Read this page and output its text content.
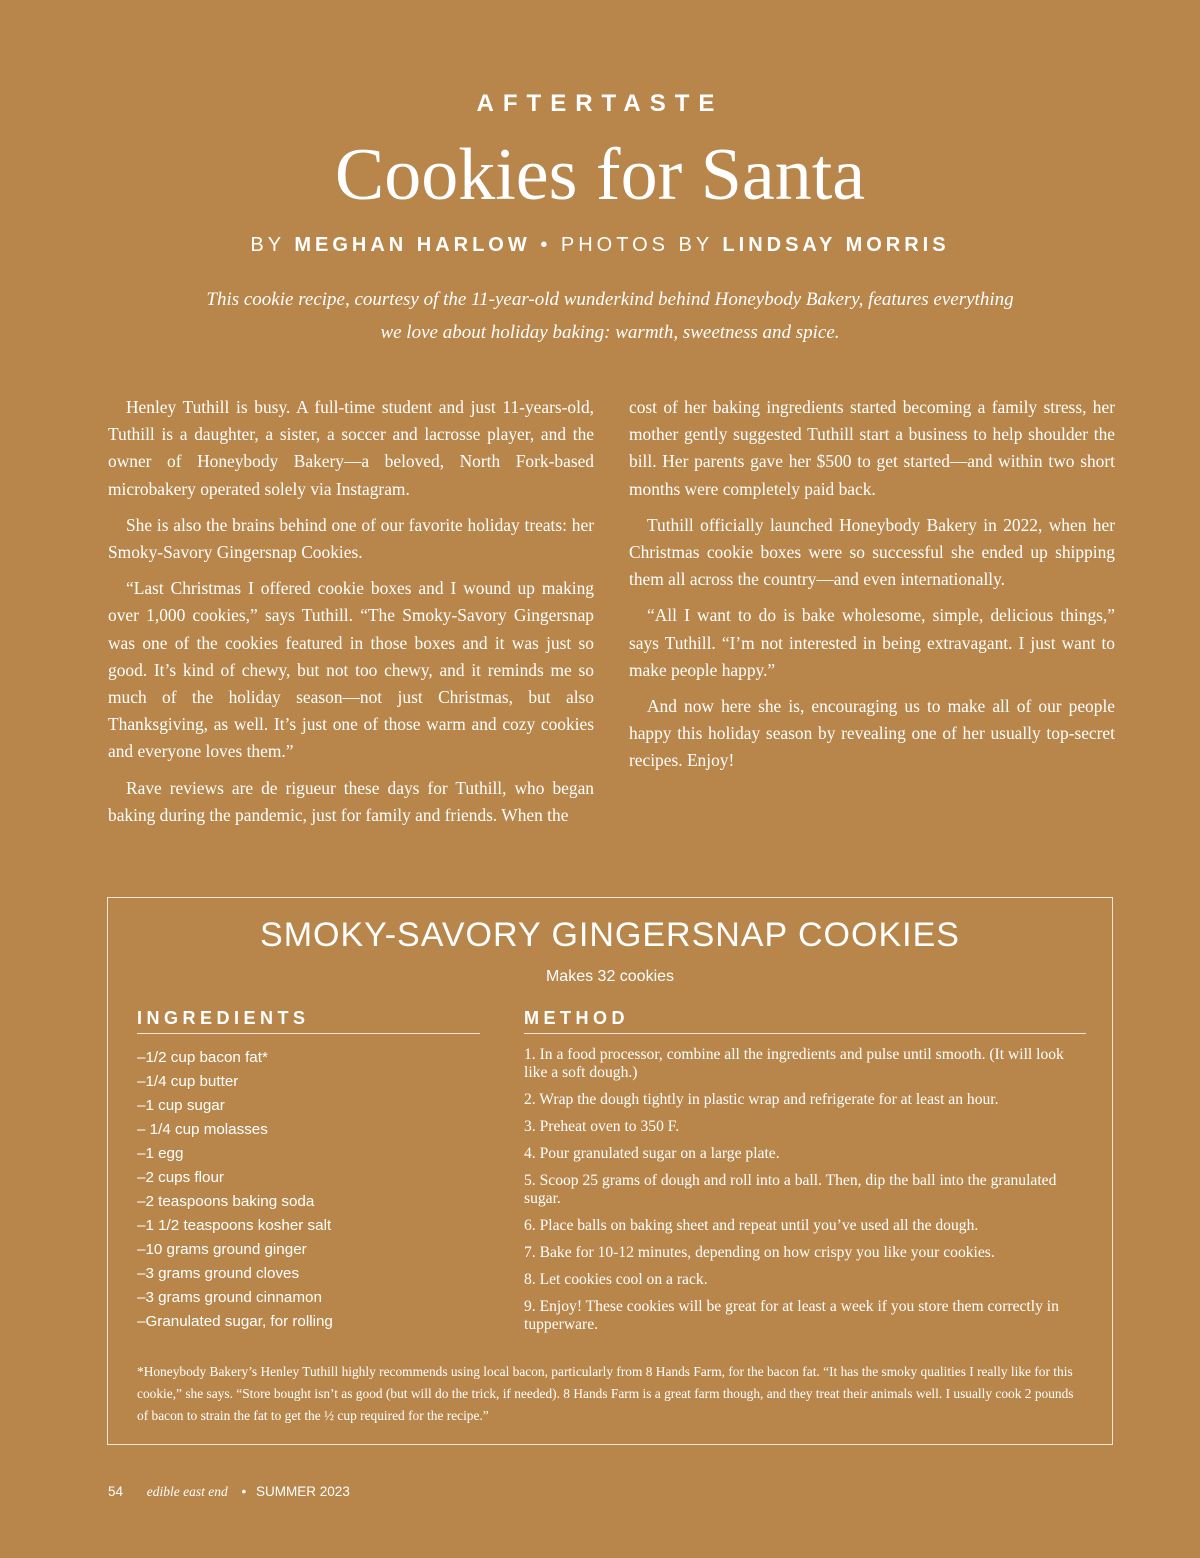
AFTERTASTE
Cookies for Santa
BY MEGHAN HARLOW • PHOTOS BY LINDSAY MORRIS
This cookie recipe, courtesy of the 11-year-old wunderkind behind Honeybody Bakery, features everything
we love about holiday baking: warmth, sweetness and spice.

Henley Tuthill is busy. A full-time student and just 11-years-old, Tuthill is a daughter, a sister, a soccer and lacrosse player, and the owner of Honeybody Bakery—a beloved, North Fork-based microbakery operated solely via Instagram.

She is also the brains behind one of our favorite holiday treats: her Smoky-Savory Gingersnap Cookies.

“Last Christmas I offered cookie boxes and I wound up making over 1,000 cookies,” says Tuthill. “The Smoky-Savory Gingersnap was one of the cookies featured in those boxes and it was just so good. It’s kind of chewy, but not too chewy, and it reminds me so much of the holiday season—not just Christmas, but also Thanksgiving, as well. It’s just one of those warm and cozy cookies and everyone loves them.”

Rave reviews are de rigueur these days for Tuthill, who began baking during the pandemic, just for family and friends. When the

cost of her baking ingredients started becoming a family stress, her mother gently suggested Tuthill start a business to help shoulder the bill. Her parents gave her $500 to get started—and within two short months were completely paid back.

Tuthill officially launched Honeybody Bakery in 2022, when her Christmas cookie boxes were so successful she ended up shipping them all across the country—and even internationally.

“All I want to do is bake wholesome, simple, delicious things,” says Tuthill. “I’m not interested in being extravagant. I just want to make people happy.”

And now here she is, encouraging us to make all of our people happy this holiday season by revealing one of her usually top-secret recipes. Enjoy!

SMOKY-SAVORY GINGERSNAP COOKIES
Makes 32 cookies
INGREDIENTS	METHOD
–1/2 cup bacon fat*
–1/4 cup butter
–1 cup sugar
– 1/4 cup molasses
–1 egg
–2 cups flour
–2 teaspoons baking soda
–1 1/2 teaspoons kosher salt
–10 grams ground ginger
–3 grams ground cloves
–3 grams ground cinnamon
–Granulated sugar, for rolling
1. In a food processor, combine all the ingredients and pulse until smooth. (It will look like a soft dough.)
2. Wrap the dough tightly in plastic wrap and refrigerate for at least an hour.
3. Preheat oven to 350 F.
4. Pour granulated sugar on a large plate.
5. Scoop 25 grams of dough and roll into a ball. Then, dip the ball into the granulated sugar.
6. Place balls on baking sheet and repeat until you’ve used all the dough.
7. Bake for 10-12 minutes, depending on how crispy you like your cookies.
8. Let cookies cool on a rack.
9. Enjoy! These cookies will be great for at least a week if you store them correctly in tupperware.
*Honeybody Bakery’s Henley Tuthill highly recommends using local bacon, particularly from 8 Hands Farm, for the bacon fat. “It has the smoky qualities I really like for this cookie,” she says. “Store bought isn’t as good (but will do the trick, if needed). 8 Hands Farm is a great farm though, and they treat their animals well. I usually cook 2 pounds of bacon to strain the fat to get the ½ cup required for the recipe.”
54 edible east end • SUMMER 2023
